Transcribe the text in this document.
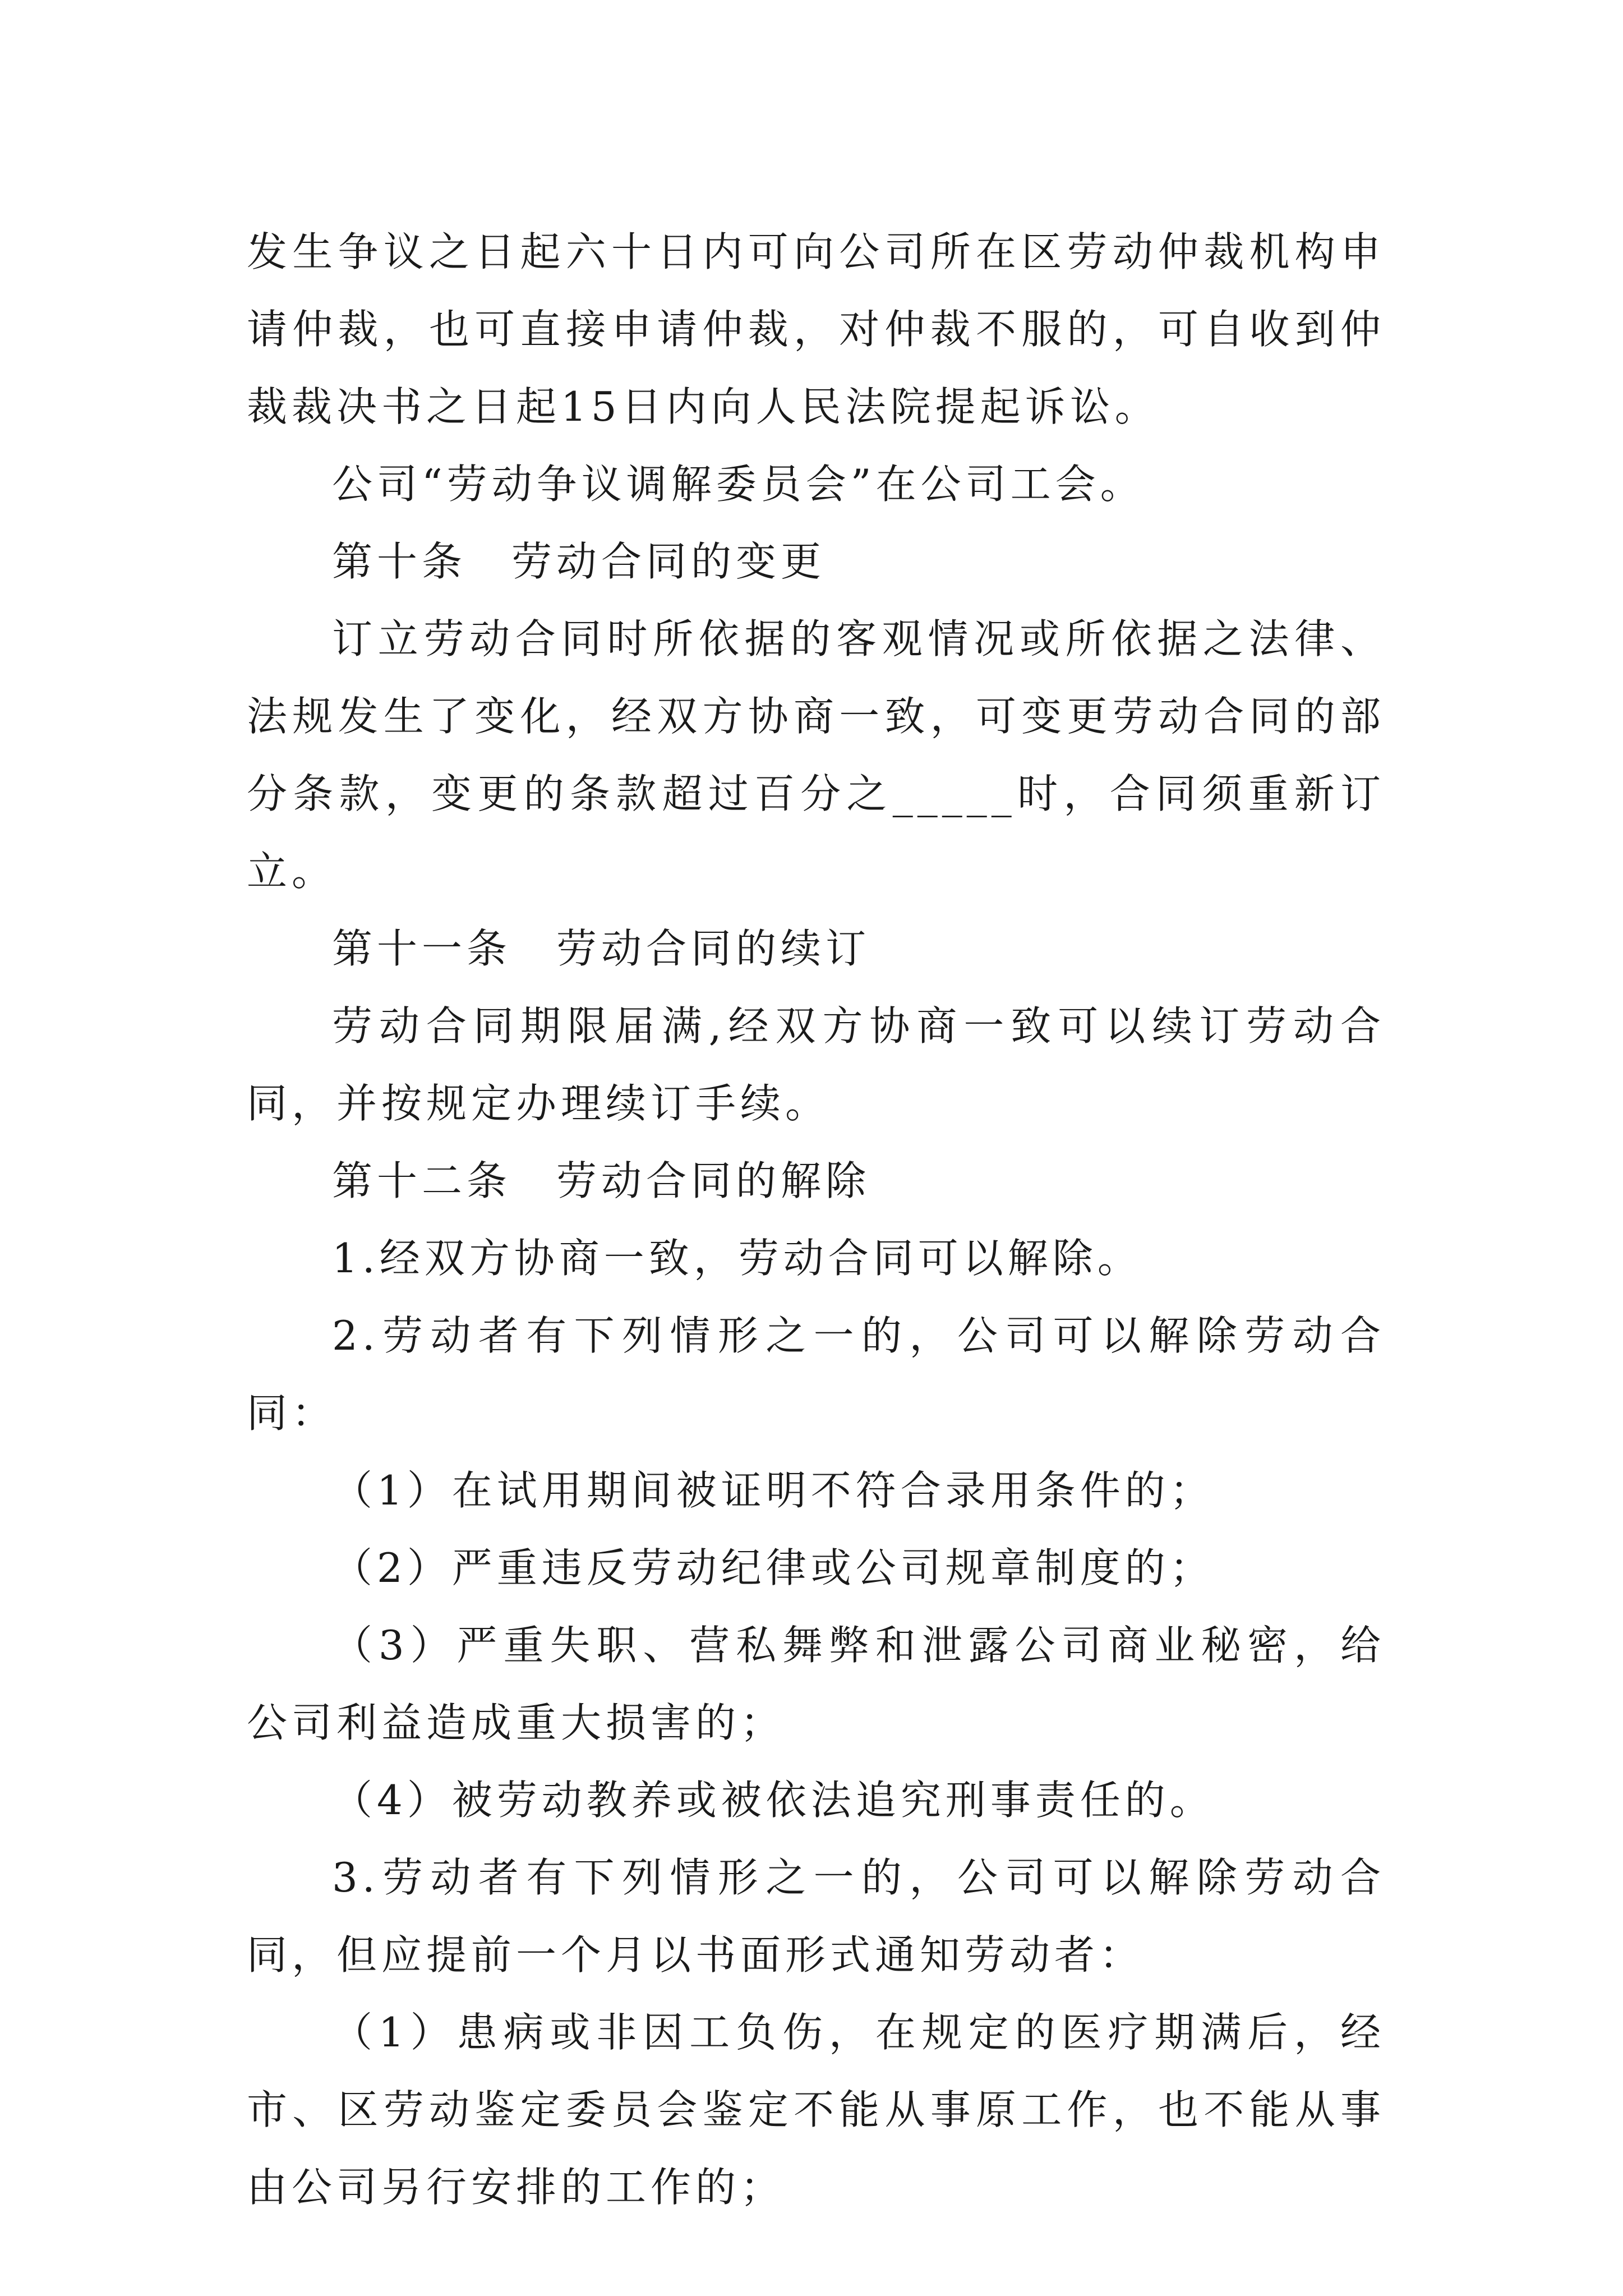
发生争议之日起六十日内可向公司所在区劳动仲裁机构申请仲裁，也可直接申请仲裁，对仲裁不服的，可自收到仲裁裁决书之日起15日内向人民法院提起诉讼。

公司“劳动争议调解委员会”在公司工会。

第十条　劳动合同的变更

订立劳动合同时所依据的客观情况或所依据之法律、法规发生了变化，经双方协商一致，可变更劳动合同的部分条款，变更的条款超过百分之_____时，合同须重新订立。

第十一条　劳动合同的续订

劳动合同期限届满,经双方协商一致可以续订劳动合同，并按规定办理续订手续。

第十二条　劳动合同的解除

1.经双方协商一致，劳动合同可以解除。

2.劳动者有下列情形之一的，公司可以解除劳动合同：

（1）在试用期间被证明不符合录用条件的；

（2）严重违反劳动纪律或公司规章制度的；

（3）严重失职、营私舞弊和泄露公司商业秘密，给公司利益造成重大损害的；

（4）被劳动教养或被依法追究刑事责任的。

3.劳动者有下列情形之一的，公司可以解除劳动合同，但应提前一个月以书面形式通知劳动者：

（1）患病或非因工负伤，在规定的医疗期满后，经市、区劳动鉴定委员会鉴定不能从事原工作，也不能从事由公司另行安排的工作的；
